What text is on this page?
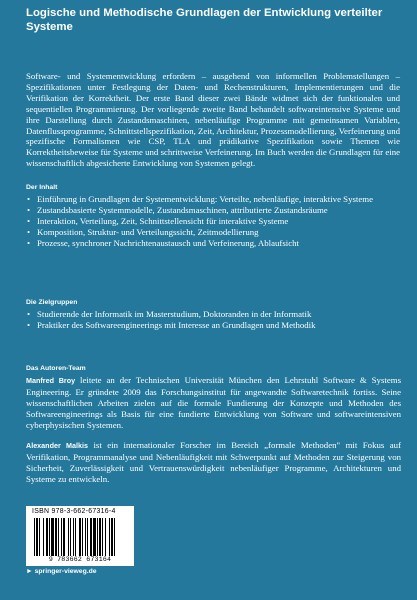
Logische und Methodische Grundlagen der Entwicklung verteilter Systeme

Software- und Systementwicklung erfordern – ausgehend von informellen Problemstellungen – Spezifikationen unter Festlegung der Daten- und Rechenstrukturen, Implementierungen und die Verifikation der Korrektheit. Der erste Band dieser zwei Bände widmet sich der funktionalen und sequentiellen Programmierung. Der vorliegende zweite Band behandelt softwareintensive Systeme und ihre Darstellung durch Zustandsmaschinen, nebenläufige Programme mit gemeinsamen Variablen, Datenflussprogramme, Schnittstellspezifikation, Zeit, Architektur, Prozessmodellierung, Verfeinerung und spezifische Formalismen wie CSP, TLA und prädikative Spezifikation sowie Themen wie Korrektheitsbeweise für Systeme und schrittweise Verfeinerung. Im Buch werden die Grundlagen für eine wissenschaftlich abgesicherte Entwicklung von Systemen gelegt.

Der Inhalt
• Einführung in Grundlagen der Systementwicklung: Verteilte, nebenläufige, interaktive Systeme
• Zustandsbasierte Systemmodelle, Zustandsmaschinen, attributierte Zustandsräume
• Interaktion, Verteilung, Zeit, Schnittstellensicht für interaktive Systeme
• Komposition, Struktur- und Verteilungssicht, Zeitmodellierung
• Prozesse, synchroner Nachrichtenaustausch und Verfeinerung, Ablaufsicht
Die Zielgruppen
• Studierende der Informatik im Masterstudium, Doktoranden in der Informatik
• Praktiker des Softwareengineerings mit Interesse an Grundlagen und Methodik
Das Autoren-Team

Manfred Broy leitete an der Technischen Universität München den Lehrstuhl Software & Systems Engineering. Er gründete 2009 das Forschungsinstitut für angewandte Softwaretechnik fortiss. Seine wissenschaftlichen Arbeiten zielen auf die formale Fundierung der Konzepte und Methoden des Softwareengineerings als Basis für eine fundierte Entwicklung von Software und softwareintensiven cyberphysischen Systemen.

Alexander Malkis ist ein internationaler Forscher im Bereich „formale Methoden" mit Fokus auf Verifikation, Programmanalyse und Nebenläufigkeit mit Schwerpunkt auf Methoden zur Steigerung von Sicherheit, Zuverlässigkeit und Vertrauenswürdigkeit nebenläufiger Programme, Architekturen und Systeme zu entwickeln.

ISBN 978-3-662-67316-4
9 783662 673164
► springer-vieweg.de
